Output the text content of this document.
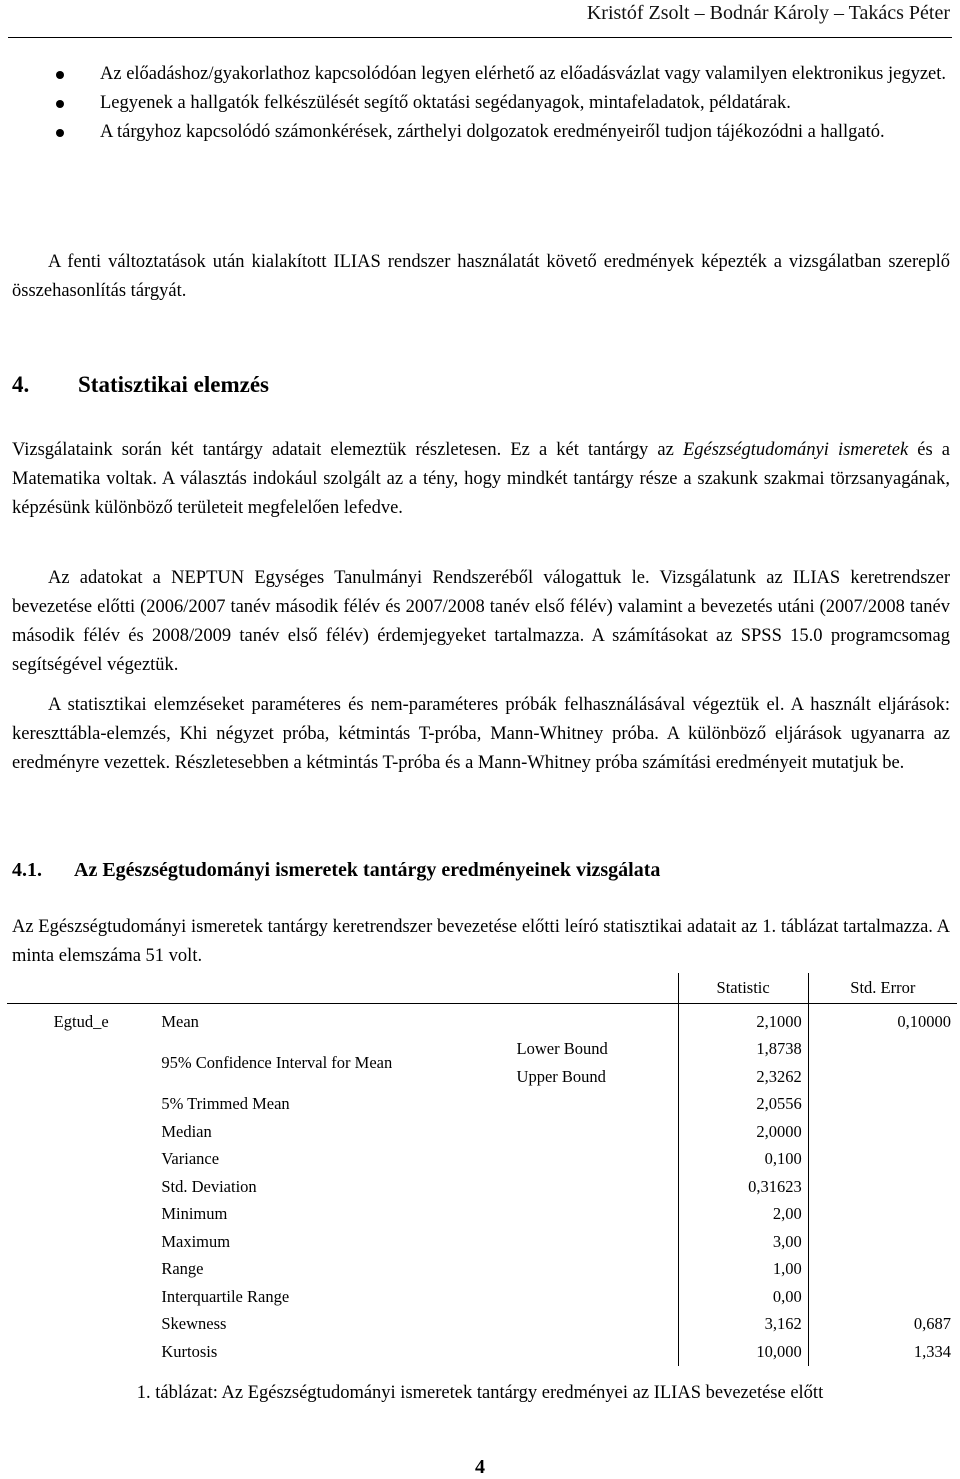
Kristóf Zsolt – Bodnár Károly – Takács Péter
Az előadáshoz/gyakorlathoz kapcsolódóan legyen elérhető az előadásvázlat vagy valamilyen elektronikus jegyzet.
Legyenek a hallgatók felkészülését segítő oktatási segédanyagok, mintafeladatok, példatárak.
A tárgyhoz kapcsolódó számonkérések, zárthelyi dolgozatok eredményeiről tudjon tájékozódni a hallgató.

A fenti változtatások után kialakított ILIAS rendszer használatát követő eredmények képezték a vizsgálatban szereplő összehasonlítás tárgyát.

4. Statisztikai elemzés

Vizsgálataink során két tantárgy adatait elemeztük részletesen. Ez a két tantárgy az Egészségtudományi ismeretek és a Matematika voltak. A választás indokául szolgált az a tény, hogy mindkét tantárgy része a szakunk szakmai törzsanyagának, képzésünk különböző területeit megfelelően lefedve.

Az adatokat a NEPTUN Egységes Tanulmányi Rendszeréből válogattuk le. Vizsgálatunk az ILIAS keretrendszer bevezetése előtti (2006/2007 tanév második félév és 2007/2008 tanév első félév) valamint a bevezetés utáni (2007/2008 tanév második félév és 2008/2009 tanév első félév) érdemjegyeket tartalmazza. A számításokat az SPSS 15.0 programcsomag segítségével végeztük.

A statisztikai elemzéseket paraméteres és nem-paraméteres próbák felhasználásával végeztük el. A használt eljárások: kereszttábla-elemzés, Khi négyzet próba, kétmintás T-próba, Mann-Whitney próba. A különböző eljárások ugyanarra az eredményre vezettek. Részletesebben a kétmintás T-próba és a Mann-Whitney próba számítási eredményeit mutatjuk be.

4.1. Az Egészségtudományi ismeretek tantárgy eredményeinek vizsgálata

Az Egészségtudományi ismeretek tantárgy keretrendszer bevezetése előtti leíró statisztikai adatait az 1. táblázat tartalmazza. A minta elemszáma 51 volt.

			Statistic	Std. Error
Egtud_e	Mean		2,1000	0,10000
	95% Confidence Interval for Mean	Lower Bound	1,8738	
		Upper Bound	2,3262	
	5% Trimmed Mean		2,0556	
	Median		2,0000	
	Variance		0,100	
	Std. Deviation		0,31623	
	Minimum		2,00	
	Maximum		3,00	
	Range		1,00	
	Interquartile Range		0,00	
	Skewness		3,162	0,687
	Kurtosis		10,000	1,334
1. táblázat: Az Egészségtudományi ismeretek tantárgy eredményei az ILIAS bevezetése előtt
4
